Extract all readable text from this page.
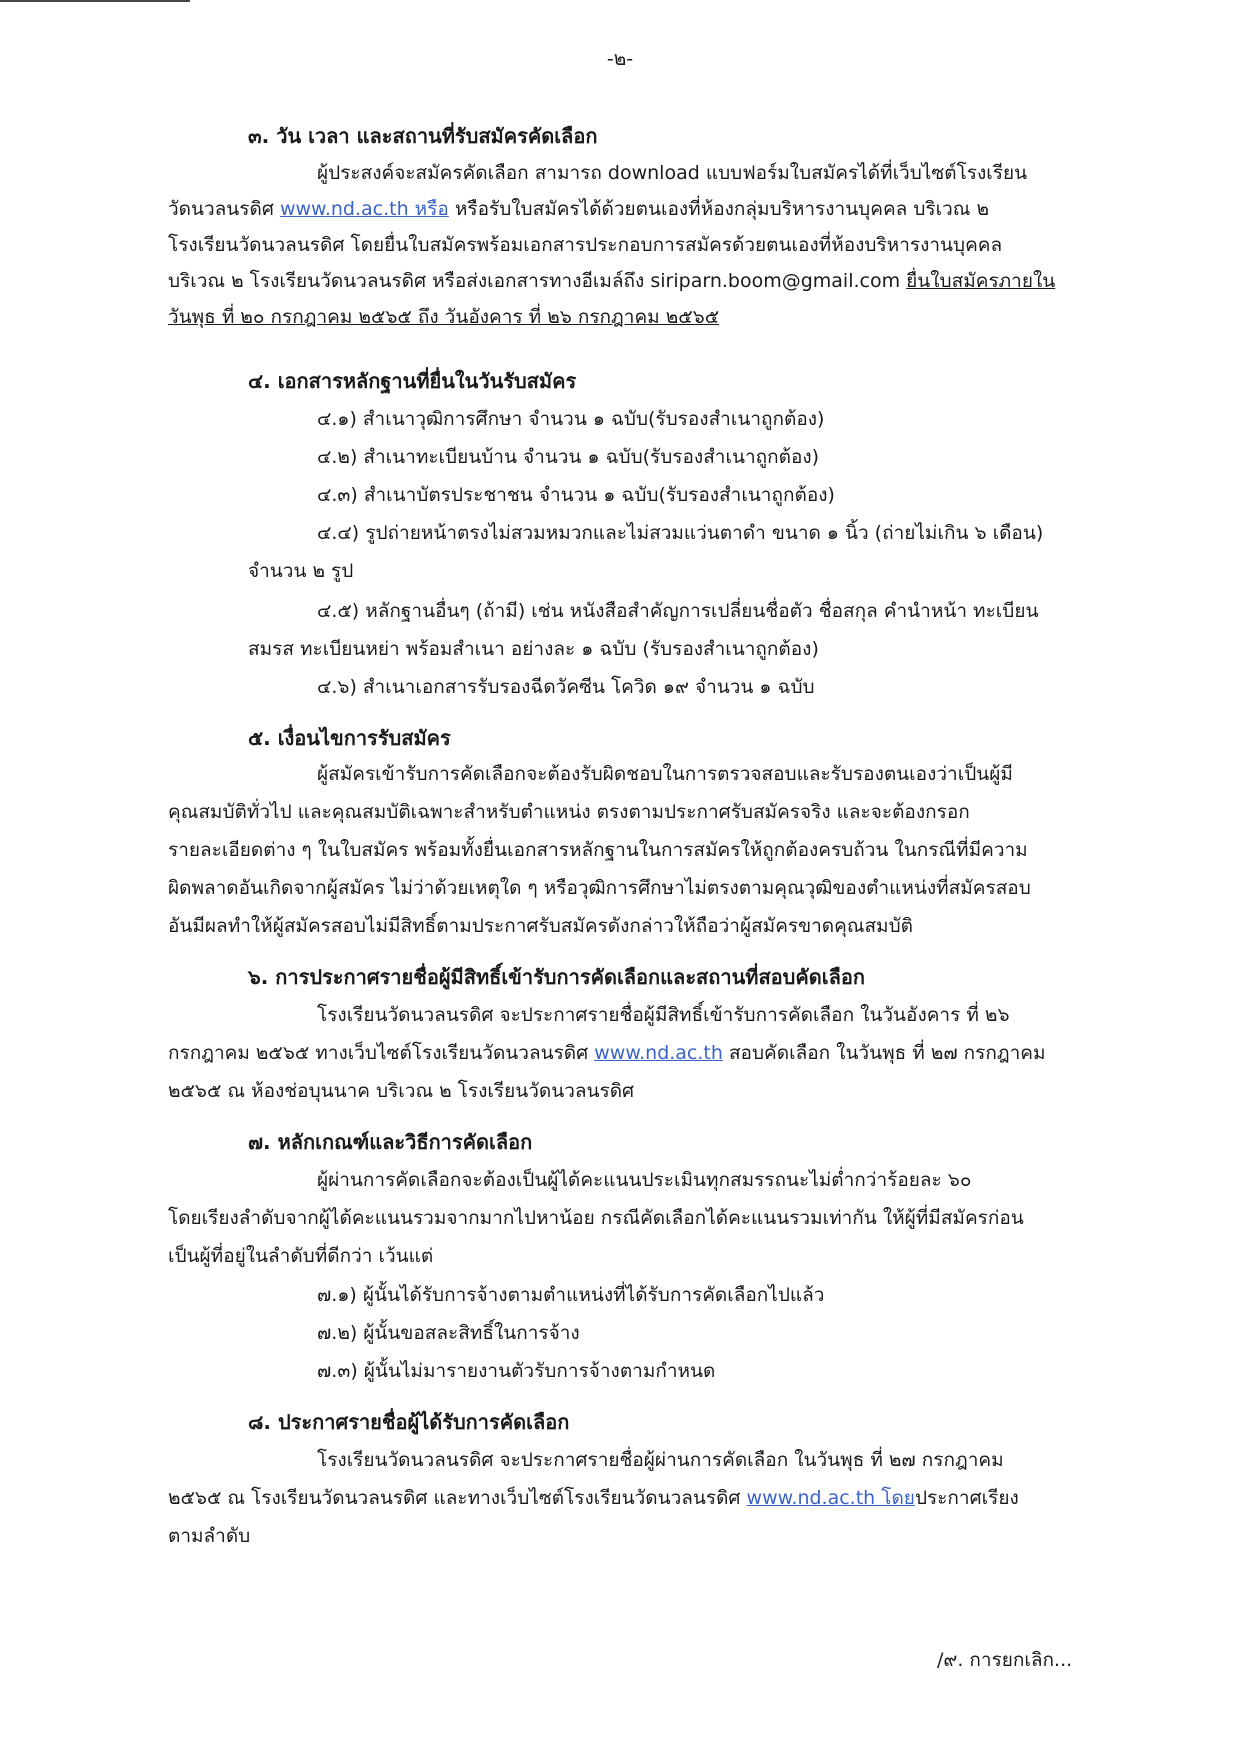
-๒-
๓. วัน เวลา และสถานที่รับสมัครคัดเลือก
ผู้ประสงค์จะสมัครคัดเลือก สามารถ download แบบฟอร์มใบสมัครได้ที่เว็บไซต์โรงเรียน
วัดนวลนรดิศ www.nd.ac.th หรือ หรือรับใบสมัครได้ด้วยตนเองที่ห้องกลุ่มบริหารงานบุคคล บริเวณ ๒
โรงเรียนวัดนวลนรดิศ โดยยื่นใบสมัครพร้อมเอกสารประกอบการสมัครด้วยตนเองที่ห้องบริหารงานบุคคล
บริเวณ ๒ โรงเรียนวัดนวลนรดิศ หรือส่งเอกสารทางอีเมล์ถึง siriparn.boom@gmail.com ยื่นใบสมัครภายใน
วันพุธ ที่ ๒๐ กรกฎาคม ๒๕๖๕ ถึง วันอังคาร ที่ ๒๖ กรกฎาคม ๒๕๖๕
๔. เอกสารหลักฐานที่ยื่นในวันรับสมัคร
๔.๑) สำเนาวุฒิการศึกษา จำนวน ๑ ฉบับ(รับรองสำเนาถูกต้อง)
๔.๒) สำเนาทะเบียนบ้าน จำนวน ๑ ฉบับ(รับรองสำเนาถูกต้อง)
๔.๓) สำเนาบัตรประชาชน จำนวน ๑ ฉบับ(รับรองสำเนาถูกต้อง)
๔.๔) รูปถ่ายหน้าตรงไม่สวมหมวกและไม่สวมแว่นตาดำ ขนาด ๑ นิ้ว (ถ่ายไม่เกิน ๖ เดือน)
จำนวน ๒ รูป
๔.๕) หลักฐานอื่นๆ (ถ้ามี) เช่น หนังสือสำคัญการเปลี่ยนชื่อตัว ชื่อสกุล คำนำหน้า ทะเบียน
สมรส ทะเบียนหย่า พร้อมสำเนา อย่างละ ๑ ฉบับ (รับรองสำเนาถูกต้อง)
๔.๖) สำเนาเอกสารรับรองฉีดวัคซีน โควิด ๑๙ จำนวน ๑ ฉบับ
๕. เงื่อนไขการรับสมัคร
ผู้สมัครเข้ารับการคัดเลือกจะต้องรับผิดชอบในการตรวจสอบและรับรองตนเองว่าเป็นผู้มี
คุณสมบัติทั่วไป และคุณสมบัติเฉพาะสำหรับตำแหน่ง ตรงตามประกาศรับสมัครจริง และจะต้องกรอก
รายละเอียดต่าง ๆ ในใบสมัคร พร้อมทั้งยื่นเอกสารหลักฐานในการสมัครให้ถูกต้องครบถ้วน ในกรณีที่มีความ
ผิดพลาดอันเกิดจากผู้สมัคร ไม่ว่าด้วยเหตุใด ๆ หรือวุฒิการศึกษาไม่ตรงตามคุณวุฒิของตำแหน่งที่สมัครสอบ
อันมีผลทำให้ผู้สมัครสอบไม่มีสิทธิ์ตามประกาศรับสมัครดังกล่าวให้ถือว่าผู้สมัครขาดคุณสมบัติ
๖. การประกาศรายชื่อผู้มีสิทธิ์เข้ารับการคัดเลือกและสถานที่สอบคัดเลือก
โรงเรียนวัดนวลนรดิศ จะประกาศรายชื่อผู้มีสิทธิ์เข้ารับการคัดเลือก ในวันอังคาร ที่ ๒๖
กรกฎาคม ๒๕๖๕ ทางเว็บไซต์โรงเรียนวัดนวลนรดิศ www.nd.ac.th สอบคัดเลือก ในวันพุธ ที่ ๒๗ กรกฎาคม
๒๕๖๕ ณ ห้องช่อบุนนาค บริเวณ ๒ โรงเรียนวัดนวลนรดิศ
๗. หลักเกณฑ์และวิธีการคัดเลือก
ผู้ผ่านการคัดเลือกจะต้องเป็นผู้ได้คะแนนประเมินทุกสมรรถนะไม่ต่ำกว่าร้อยละ ๖๐
โดยเรียงลำดับจากผู้ได้คะแนนรวมจากมากไปหาน้อย กรณีคัดเลือกได้คะแนนรวมเท่ากัน ให้ผู้ที่มีสมัครก่อน
เป็นผู้ที่อยู่ในลำดับที่ดีกว่า เว้นแต่
๗.๑) ผู้นั้นได้รับการจ้างตามตำแหน่งที่ได้รับการคัดเลือกไปแล้ว
๗.๒) ผู้นั้นขอสละสิทธิ์ในการจ้าง
๗.๓) ผู้นั้นไม่มารายงานตัวรับการจ้างตามกำหนด
๘. ประกาศรายชื่อผู้ได้รับการคัดเลือก
โรงเรียนวัดนวลนรดิศ จะประกาศรายชื่อผู้ผ่านการคัดเลือก ในวันพุธ ที่ ๒๗ กรกฎาคม
๒๕๖๕ ณ โรงเรียนวัดนวลนรดิศ และทางเว็บไซต์โรงเรียนวัดนวลนรดิศ www.nd.ac.th โดยประกาศเรียง
ตามลำดับ
/๙. การยกเลิก...
